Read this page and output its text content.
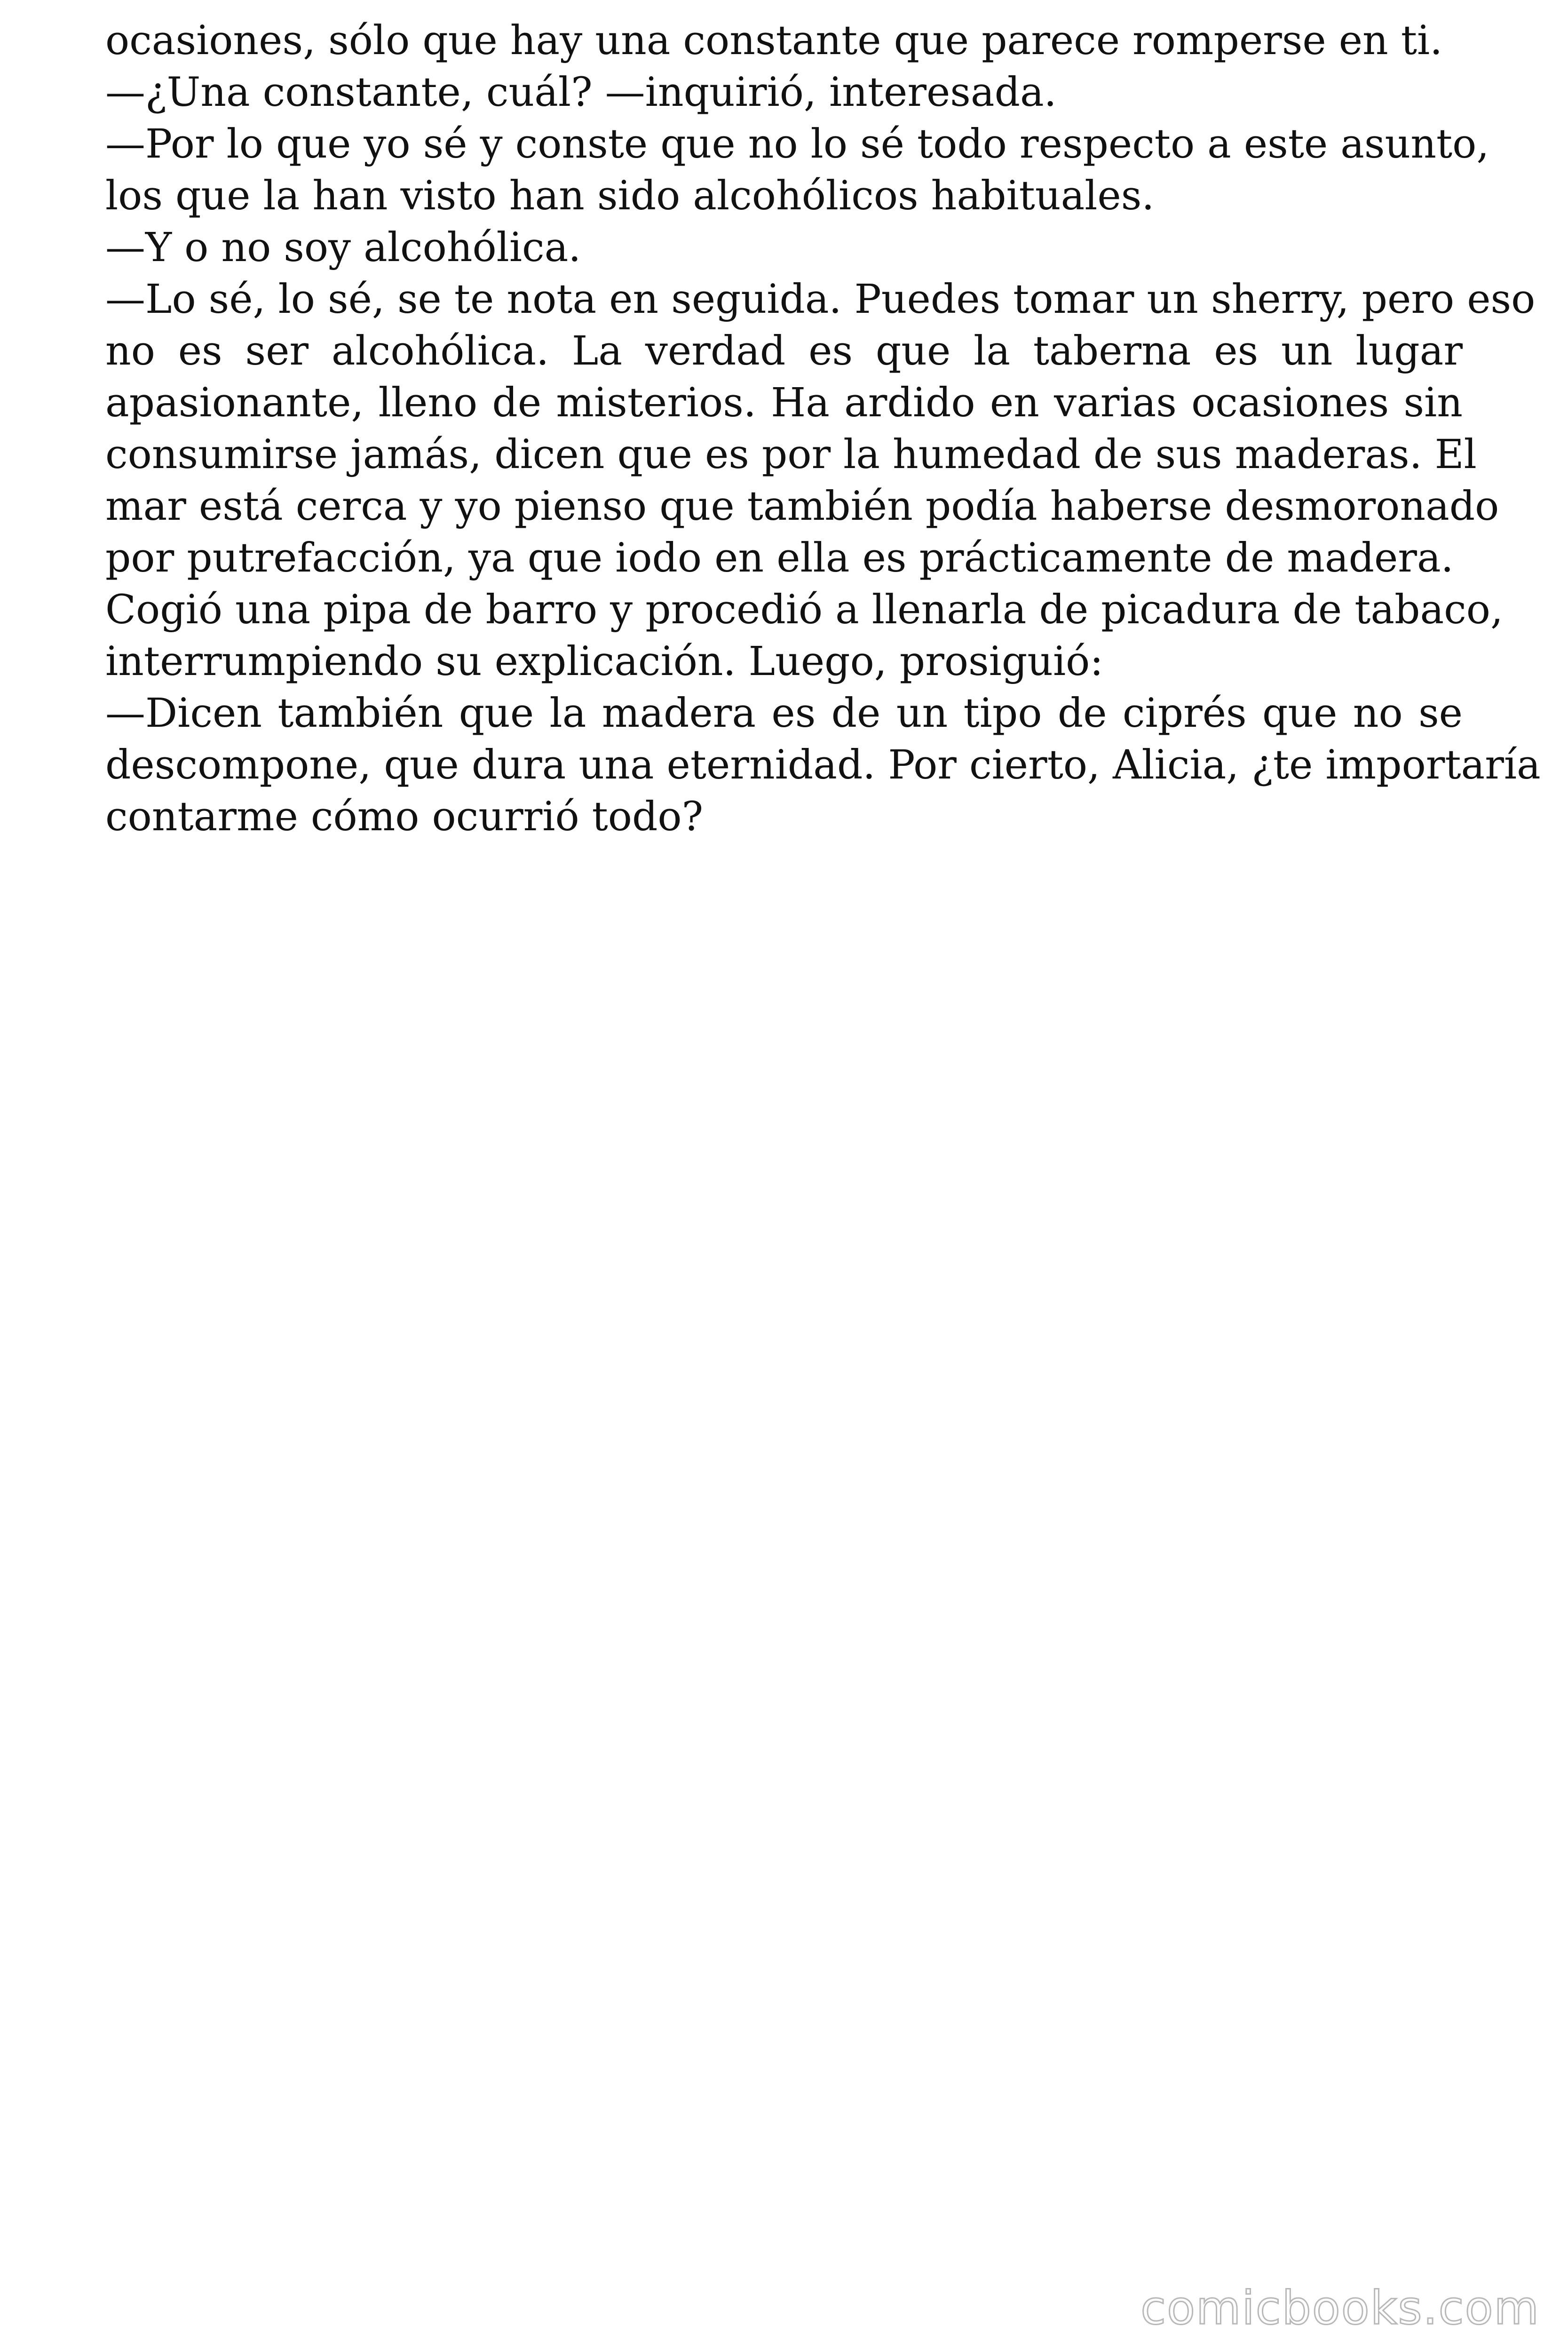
ocasiones, sólo que hay una constante que parece romperse en ti.
—¿Una constante, cuál? —inquirió, interesada.
—Por lo que yo sé y conste que no lo sé todo respecto a este asunto,
los que la han visto han sido alcohólicos habituales.
—Y o no soy alcohólica.
—Lo sé, lo sé, se te nota en seguida. Puedes tomar un sherry, pero eso
no es ser alcohólica. La verdad es que la taberna es un lugar
apasionante, lleno de misterios. Ha ardido en varias ocasiones sin
consumirse jamás, dicen que es por la humedad de sus maderas. El
mar está cerca y yo pienso que también podía haberse desmoronado
por putrefacción, ya que iodo en ella es prácticamente de madera.
Cogió una pipa de barro y procedió a llenarla de picadura de tabaco,
interrumpiendo su explicación. Luego, prosiguió:
—Dicen también que la madera es de un tipo de ciprés que no se
descompone, que dura una eternidad. Por cierto, Alicia, ¿te importaría
contarme cómo ocurrió todo?
comicbooks.com
